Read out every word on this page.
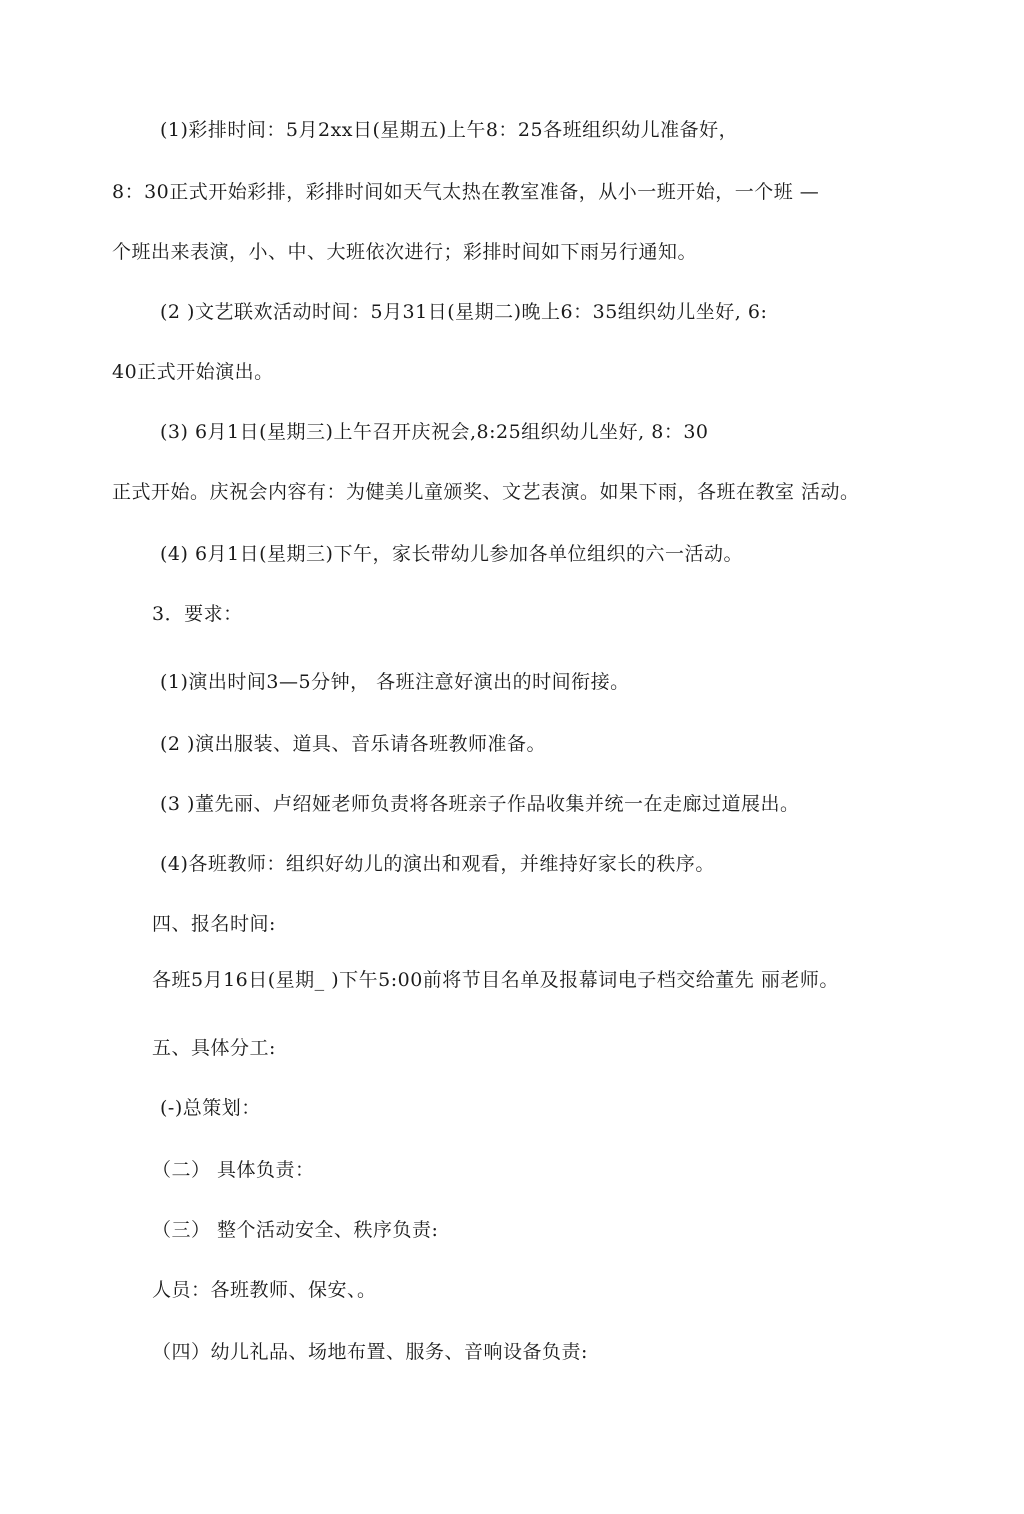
(1)彩排时间：5月2xx日(星期五)上午8：25各班组织幼儿准备好，
8：30正式开始彩排，彩排时间如天气太热在教室准备，从小一班开始，一个班 —
个班出来表演，小、中、大班依次进行；彩排时间如下雨另行通知。
(2 )文艺联欢活动时间：5月31日(星期二)晚上6：35组织幼儿坐好, 6:
40正式开始演出。
(3) 6月1日(星期三)上午召开庆祝会,8:25组织幼儿坐好, 8：30
正式开始。庆祝会内容有：为健美儿童颁奖、文艺表演。如果下雨，各班在教室 活动。
(4) 6月1日(星期三)下午，家长带幼儿参加各单位组织的六一活动。
3．要求：
(1)演出时间3—5分钟， 各班注意好演出的时间衔接。
(2 )演出服装、道具、音乐请各班教师准备。
(3 )董先丽、卢绍娅老师负责将各班亲子作品收集并统一在走廊过道展出。
(4)各班教师：组织好幼儿的演出和观看，并维持好家长的秩序。
四、报名时间:
各班5月16日(星期_ )下午5:00前将节目名单及报幕词电子档交给董先 丽老师。
五、具体分工:
(-)总策划：
（二） 具体负责：
（三） 整个活动安全、秩序负责:
人员：各班教师、保安、。
（四）幼儿礼品、场地布置、服务、音响设备负责:
